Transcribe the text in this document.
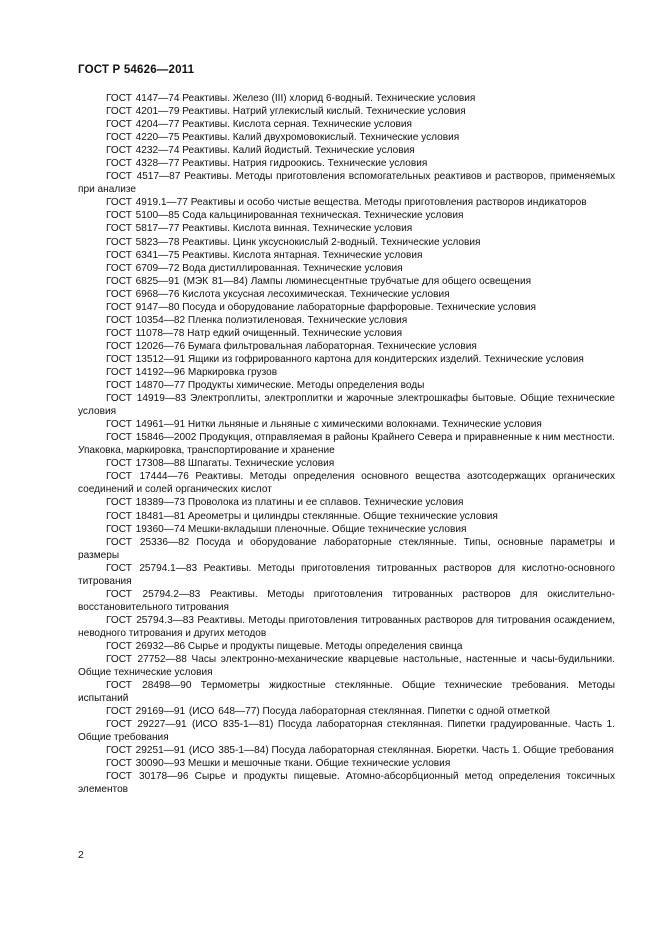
ГОСТ Р 54626—2011

ГОСТ 4147—74 Реактивы. Железо (III) хлорид 6-водный. Технические условия

ГОСТ 4201—79 Реактивы. Натрий углекислый кислый. Технические условия

ГОСТ 4204—77 Реактивы. Кислота серная. Технические условия

ГОСТ 4220—75 Реактивы. Калий двухромовокислый. Технические условия

ГОСТ 4232—74 Реактивы. Калий йодистый. Технические условия

ГОСТ 4328—77 Реактивы. Натрия гидроокись. Технические условия

ГОСТ 4517—87 Реактивы. Методы приготовления вспомогательных реактивов и растворов, применяемых при анализе

ГОСТ 4919.1—77 Реактивы и особо чистые вещества. Методы приготовления растворов индикаторов

ГОСТ 5100—85 Сода кальцинированная техническая. Технические условия

ГОСТ 5817—77 Реактивы. Кислота винная. Технические условия

ГОСТ 5823—78 Реактивы. Цинк уксуснокислый 2-водный. Технические условия

ГОСТ 6341—75 Реактивы. Кислота янтарная. Технические условия

ГОСТ 6709—72 Вода дистиллированная. Технические условия

ГОСТ 6825—91 (МЭК 81—84) Лампы люминесцентные трубчатые для общего освещения

ГОСТ 6968—76 Кислота уксусная лесохимическая. Технические условия

ГОСТ 9147—80 Посуда и оборудование лабораторные фарфоровые. Технические условия

ГОСТ 10354—82 Пленка полиэтиленовая. Технические условия

ГОСТ 11078—78 Натр едкий очищенный. Технические условия

ГОСТ 12026—76 Бумага фильтровальная лабораторная. Технические условия

ГОСТ 13512—91 Ящики из гофрированного картона для кондитерских изделий. Технические условия

ГОСТ 14192—96 Маркировка грузов

ГОСТ 14870—77 Продукты химические. Методы определения воды

ГОСТ 14919—83 Электроплиты, электроплитки и жарочные электрошкафы бытовые. Общие технические условия

ГОСТ 14961—91 Нитки льняные и льняные с химическими волокнами. Технические условия

ГОСТ 15846—2002 Продукция, отправляемая в районы Крайнего Севера и приравненные к ним местности. Упаковка, маркировка, транспортирование и хранение

ГОСТ 17308—88 Шпагаты. Технические условия

ГОСТ 17444—76 Реактивы. Методы определения основного вещества азотсодержащих органических соединений и солей органических кислот

ГОСТ 18389—73 Проволока из платины и ее сплавов. Технические условия

ГОСТ 18481—81 Ареометры и цилиндры стеклянные. Общие технические условия

ГОСТ 19360—74 Мешки-вкладыши пленочные. Общие технические условия

ГОСТ 25336—82 Посуда и оборудование лабораторные стеклянные. Типы, основные параметры и размеры

ГОСТ 25794.1—83 Реактивы. Методы приготовления титрованных растворов для кислотно-основного титрования

ГОСТ 25794.2—83 Реактивы. Методы приготовления титрованных растворов для окислительно-восстановительного титрования

ГОСТ 25794.3—83 Реактивы. Методы приготовления титрованных растворов для титрования осаждением, неводного титрования и других методов

ГОСТ 26932—86 Сырье и продукты пищевые. Методы определения свинца

ГОСТ 27752—88 Часы электронно-механические кварцевые настольные, настенные и часы-будильники. Общие технические условия

ГОСТ 28498—90 Термометры жидкостные стеклянные. Общие технические требования. Методы испытаний

ГОСТ 29169—91 (ИСО 648—77) Посуда лабораторная стеклянная. Пипетки с одной отметкой

ГОСТ 29227—91 (ИСО 835-1—81) Посуда лабораторная стеклянная. Пипетки градуированные. Часть 1. Общие требования

ГОСТ 29251—91 (ИСО 385-1—84) Посуда лабораторная стеклянная. Бюретки. Часть 1. Общие требования

ГОСТ 30090—93 Мешки и мешочные ткани. Общие технические условия

ГОСТ 30178—96 Сырье и продукты пищевые. Атомно-абсорбционный метод определения токсичных элементов

2
